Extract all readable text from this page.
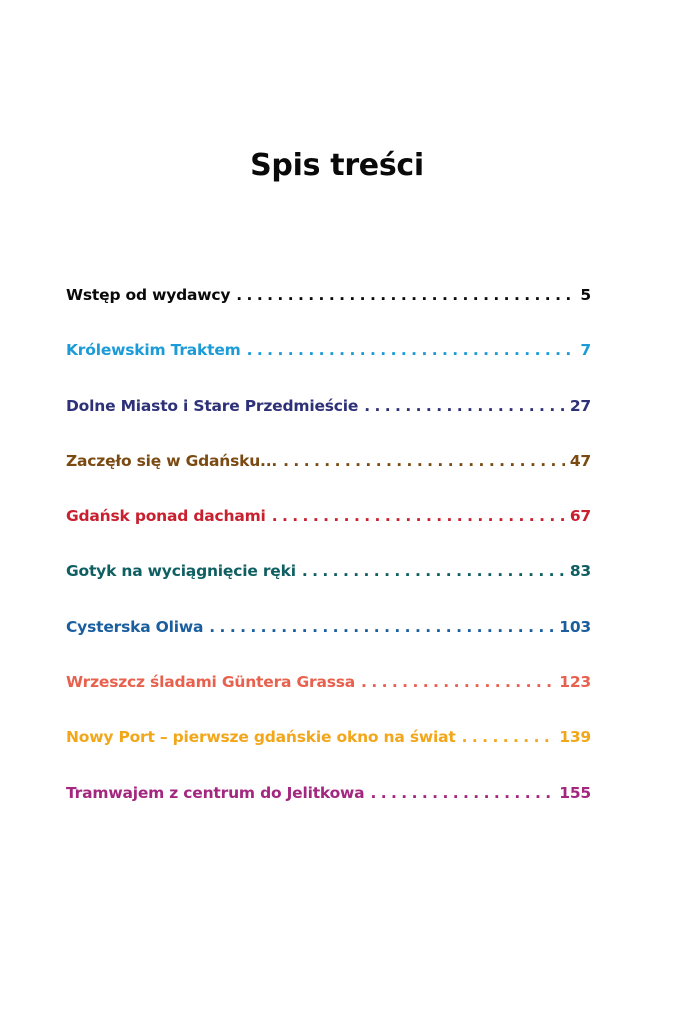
Spis treści
Wstęp od wydawcy . . .	5
Królewskim Traktem . . .	7
Dolne Miasto i Stare Przedmieście . . .	27
Zaczęło się w Gdańsku... . . .	47
Gdańsk ponad dachami . . .	67
Gotyk na wyciągnięcie ręki . . .	83
Cysterska Oliwa . . .	103
Wrzeszcz śladami Güntera Grassa . . .	123
Nowy Port – pierwsze gdańskie okno na świat . . .	139
Tramwajem z centrum do Jelitkowa . . .	155
